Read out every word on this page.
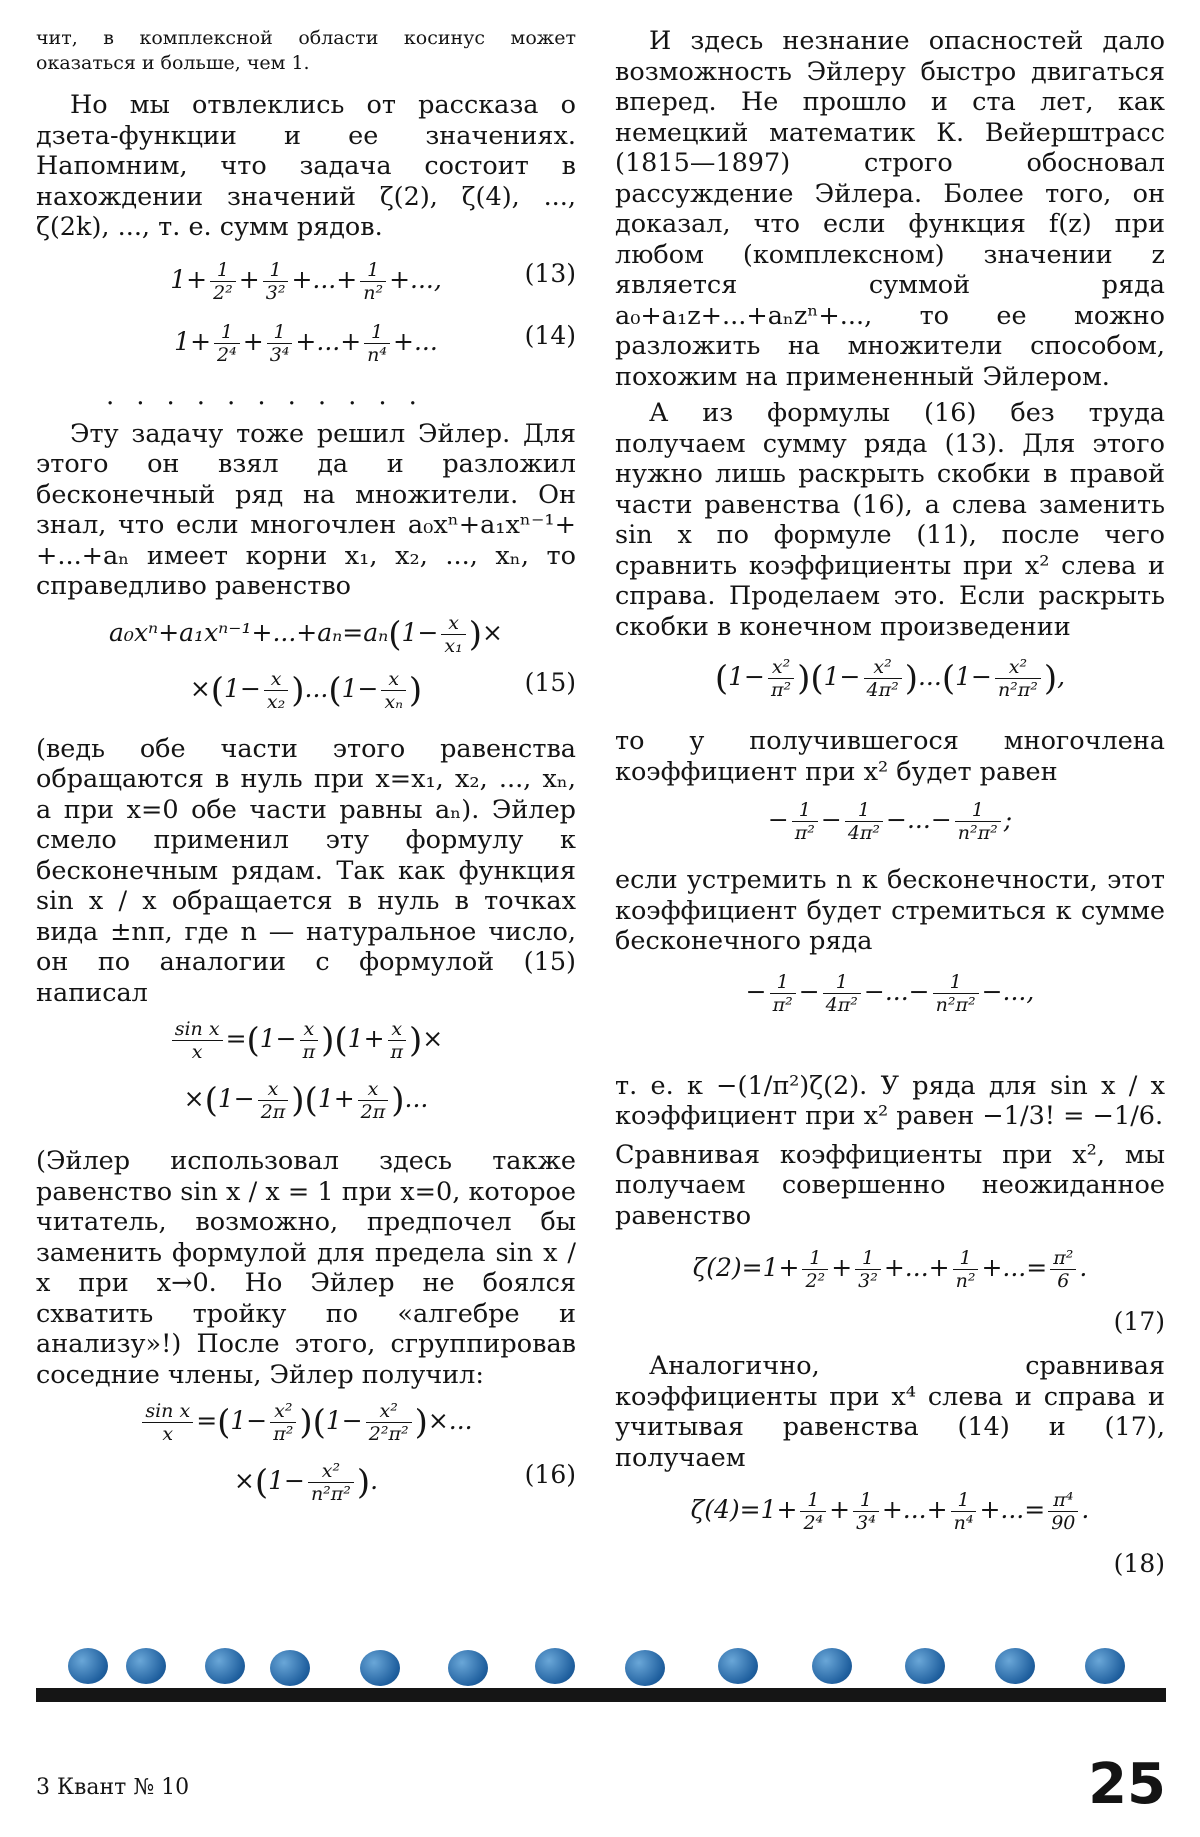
чит, в комплексной области косинус может оказаться и больше, чем 1.

Но мы отвлеклись от рассказа о дзета-функции и ее значениях. Напомним, что задача состоит в нахождении значений ζ(2), ζ(4), ..., ζ(2k), ..., т. е. сумм рядов.

$1+ \frac{1}{\text{2²}} + \frac{1}{\text{3²}}$ +...+ $\frac{1}{\text{n²}}$ +...,	(13)
$1+ \frac{1}{\text{2⁴}} + \frac{1}{\text{3⁴}}$ +...+ $\frac{1}{\text{n⁴}}$ +...	(14)
...........

Эту задачу тоже решил Эйлер. Для этого он взял да и разложил бесконечный ряд на множители. Он знал, что если многочлен a₀xⁿ+a₁xⁿ⁻¹+ +...+aₙ имеет корни x₁, x₂, ..., xₙ, то справедливо равенство

$a_0x^n+a_1x^{n-1}+...+a_n=a_n(1- \frac{x}{\text{x₁}}$ )×
$\times(1- \frac{x}{\text{x₂}} )...(1- \frac{x}{\text{xₙ}}$ )	(15)

(ведь обе части этого равенства обращаются в нуль при x=x₁, x₂, ..., xₙ, а при x=0 обе части равны aₙ). Эйлер смело применил эту формулу к бесконечным рядам. Так как функция sin x / x обращается в нуль в точках вида ±nπ, где n — натуральное число, он по аналогии с формулой (15) написал

$\frac{\text{sin x}}{x} =(1- \frac{x}{\pi} )(1+ \frac{x}{\pi}$ )×
$\times(1- \frac{x}{2\pi} )(1+ \frac{x}{2\pi}$ )...

(Эйлер использовал здесь также равенство sin x / x = 1 при x=0, которое читатель, возможно, предпочел бы заменить формулой для предела sin x / x при x→0. Но Эйлер не боялся схватить тройку по «алгебре и анализу»!) После этого, сгруппировав соседние члены, Эйлер получил:

$\frac{\text{sin x}}{x} =(1- \frac{\text{x²}}{\text{π²}} )(1- \frac{\text{x²}}{\text{2²π²}}$ )×...
$\times(1- \frac{\text{x²}}{\text{n²π²}}$ ).	(16)

И здесь незнание опасностей дало возможность Эйлеру быстро двигаться вперед. Не прошло и ста лет, как немецкий математик К. Вейерштрасс (1815—1897) строго обосновал рассуждение Эйлера. Более того, он доказал, что если функция f(z) при любом (комплексном) значении z является суммой ряда a₀+a₁z+...+aₙzⁿ+..., то ее можно разложить на множители способом, похожим на примененный Эйлером.

А из формулы (16) без труда получаем сумму ряда (13). Для этого нужно лишь раскрыть скобки в правой части равенства (16), а слева заменить sin x по формуле (11), после чего сравнить коэффициенты при x² слева и справа. Проделаем это. Если раскрыть скобки в конечном произведении

$(1- \frac{\text{x²}}{\text{π²}} )(1- \frac{\text{x²}}{\text{4π²}} )...(1- \frac{\text{x²}}{\text{n²π²}}$ ),

то у получившегося многочлена коэффициент при x² будет равен

− $\frac{1}{\text{π²}} - \frac{1}{\text{4π²}}$ −...− $\frac{1}{\text{n²π²}}$ ;

если устремить n к бесконечности, этот коэффициент будет стремиться к сумме бесконечного ряда

− $\frac{1}{\text{π²}} - \frac{1}{\text{4π²}}$ −...− $\frac{1}{\text{n²π²}}$ −...,

т. е. к −(1/π²)ζ(2). У ряда для sin x / x коэффициент при x² равен −1/3! = −1/6.

Сравнивая коэффициенты при x², мы получаем совершенно неожиданное равенство

$\zeta(2)=1+ \frac{1}{\text{2²}} + \frac{1}{\text{3²}}$ +...+ $\frac{1}{\text{n²}}$ +...= $\frac{\text{π²}}{6}$ .
(17)

Аналогично, сравнивая коэффициенты при x⁴ слева и справа и учитывая равенства (14) и (17), получаем

$\zeta(4)=1+ \frac{1}{\text{2⁴}} + \frac{1}{\text{3⁴}}$ +...+ $\frac{1}{\text{n⁴}}$ +...= $\frac{\text{π⁴}}{90}$ .
(18)
3 Квант № 10	25
